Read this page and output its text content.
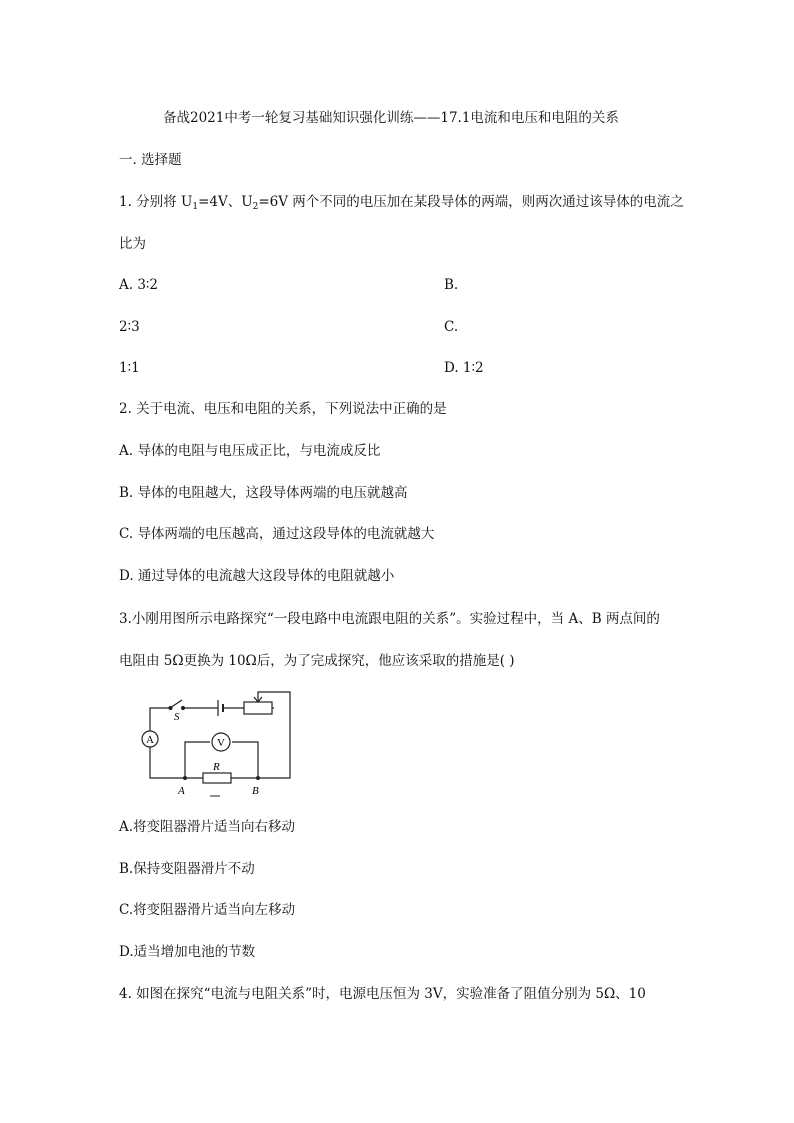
备战2021中考一轮复习基础知识强化训练——17.1电流和电压和电阻的关系
一. 选择题
1. 分别将 $U_1=4V$、$U_2=6V$ 两个不同的电压加在某段导体的两端，则两次通过该导体的电流之
比为
A. 3∶2	B.
2∶3	C.
1∶1	D. 1∶2
2. 关于电流、电压和电阻的关系，下列说法中正确的是
A. 导体的电阻与电压成正比，与电流成反比
B. 导体的电阻越大，这段导体两端的电压就越高
C. 导体两端的电压越高，通过这段导体的电流就越大
D. 通过导体的电流越大这段导体的电阻就越小
3.小刚用图所示电路探究“一段电路中电流跟电阻的关系”。实验过程中，当 A、B 两点间的
电阻由 5Ω更换为 10Ω后，为了完成探究，他应该采取的措施是( )
A	V
S
R
A	B
A.将变阻器滑片适当向右移动
B.保持变阻器滑片不动
C.将变阻器滑片适当向左移动
D.适当增加电池的节数
4. 如图在探究“电流与电阻关系”时，电源电压恒为 3V，实验准备了阻值分别为 5Ω、10
